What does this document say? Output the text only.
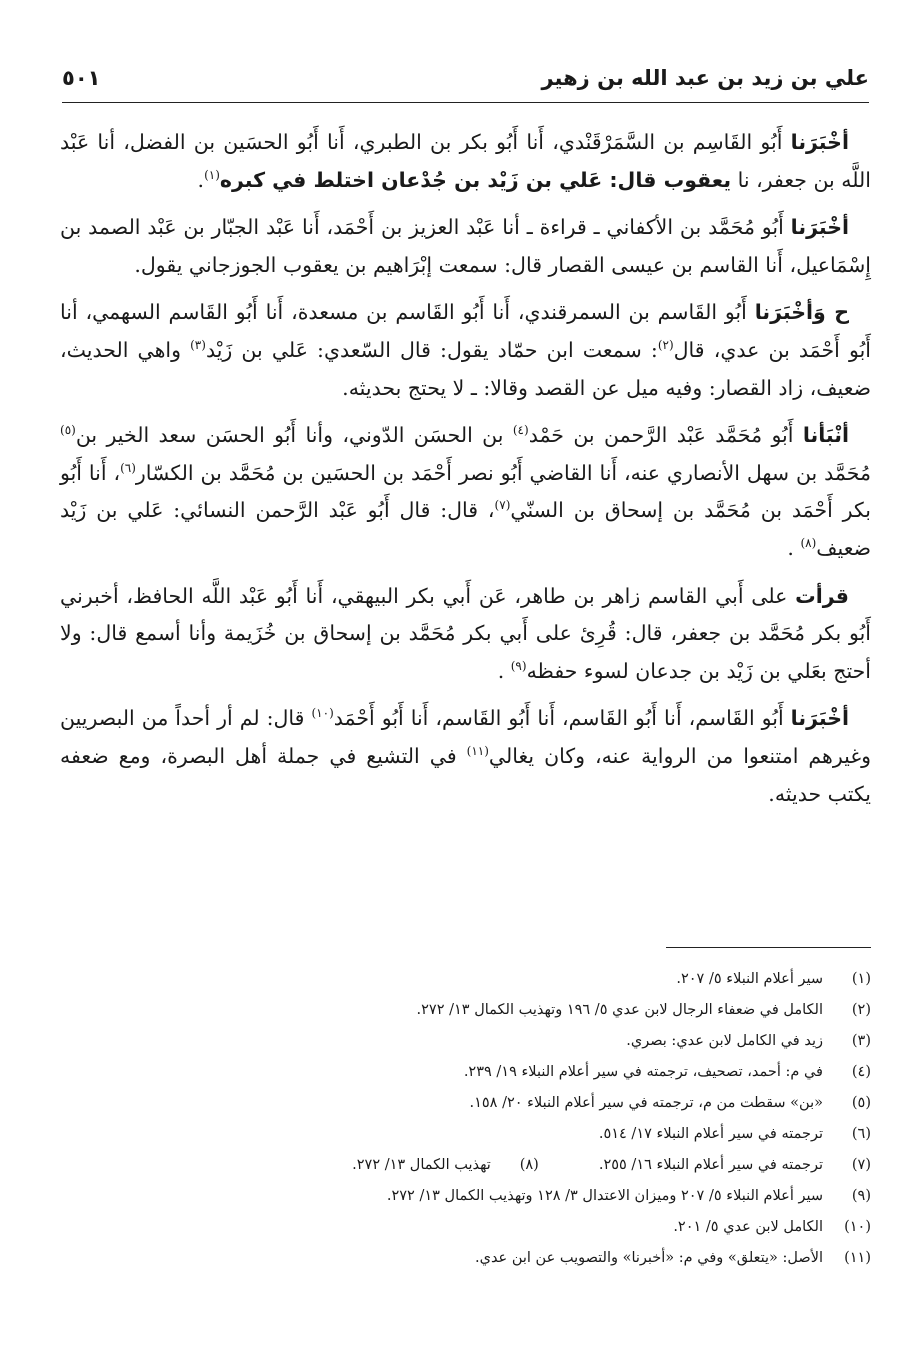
علي بن زيد بن عبد الله بن زهير
٥٠١

أخْبَرَنا أَبُو القَاسِم بن السَّمَرْقَنْدي، أَنا أَبُو بكر بن الطبري، أَنا أَبُو الحسَين بن الفضل، أنا عَبْد اللَّه بن جعفر، نا يعقوب قال: عَلي بن زَيْد بن جُدْعان اختلط في كبره$^{(١)}$.

أخْبَرَنا أَبُو مُحَمَّد بن الأكفاني ـ قراءة ـ أنا عَبْد العزيز بن أَحْمَد، أَنا عَبْد الجبّار بن عَبْد الصمد بن إِسْمَاعيل، أَنا القاسم بن عيسى القصار قال: سمعت إبْرَاهيم بن يعقوب الجوزجاني يقول.

ح وَأخْبَرَنا أَبُو القَاسم بن السمرقندي، أَنا أَبُو القَاسم بن مسعدة، أَنا أَبُو القَاسم السهمي، أنا أَبُو أَحْمَد بن عدي، قال$^{(٢)}$: سمعت ابن حمّاد يقول: قال السّعدي: عَلي بن زَيْد$^{(٣)}$ واهي الحديث، ضعيف، زاد القصار: وفيه ميل عن القصد وقالا: ـ لا يحتج بحديثه.

أنْبَأنا أَبُو مُحَمَّد عَبْد الرَّحمن بن حَمْد$^{(٤)}$ بن الحسَن الدّوني، وأنا أَبُو الحسَن سعد الخير بن$^{(٥)}$ مُحَمَّد بن سهل الأنصاري عنه، أَنا القاضي أَبُو نصر أَحْمَد بن الحسَين بن مُحَمَّد بن الكسّار$^{(٦)}$، أَنا أَبُو بكر أَحْمَد بن مُحَمَّد بن إسحاق بن السنّي$^{(٧)}$، قال: قال أَبُو عَبْد الرَّحمن النسائي: عَلي بن زَيْد ضعيف$^{(٨)}$ .

قرأت على أَبي القاسم زاهر بن طاهر، عَن أَبي بكر البيهقي، أَنا أَبُو عَبْد اللَّه الحافظ، أخبرني أَبُو بكر مُحَمَّد بن جعفر، قال: قُرِئ على أَبي بكر مُحَمَّد بن إسحاق بن خُزَيمة وأنا أسمع قال: ولا أحتج بعَلي بن زَيْد بن جدعان لسوء حفظه$^{(٩)}$ .

أخْبَرَنا أَبُو القَاسم، أَنا أَبُو القَاسم، أَنا أَبُو القَاسم، أَنا أَبُو أَحْمَد$^{(١٠)}$ قال: لم أر أحداً من البصريين وغيرهم امتنعوا من الرواية عنه، وكان يغالي$^{(١١)}$ في التشيع في جملة أهل البصرة، ومع ضعفه يكتب حديثه.

(١)
سير أعلام النبلاء ٥/ ٢٠٧.
(٢)
الكامل في ضعفاء الرجال لابن عدي ٥/ ١٩٦ وتهذيب الكمال ١٣/ ٢٧٢.
(٣)
زيد في الكامل لابن عدي: بصري.
(٤)
في م: أحمد، تصحيف، ترجمته في سير أعلام النبلاء ١٩/ ٢٣٩.
(٥)
«بن» سقطت من م، ترجمته في سير أعلام النبلاء ٢٠/ ١٥٨.
(٦)
ترجمته في سير أعلام النبلاء ١٧/ ٥١٤.
(٧)
ترجمته في سير أعلام النبلاء ١٦/ ٢٥٥.
(٨)
تهذيب الكمال ١٣/ ٢٧٢.
(٩)
سير أعلام النبلاء ٥/ ٢٠٧ وميزان الاعتدال ٣/ ١٢٨ وتهذيب الكمال ١٣/ ٢٧٢.
(١٠)
الكامل لابن عدي ٥/ ٢٠١.
(١١)
الأصل: «يتعلق» وفي م: «أخبرنا» والتصويب عن ابن عدي.
